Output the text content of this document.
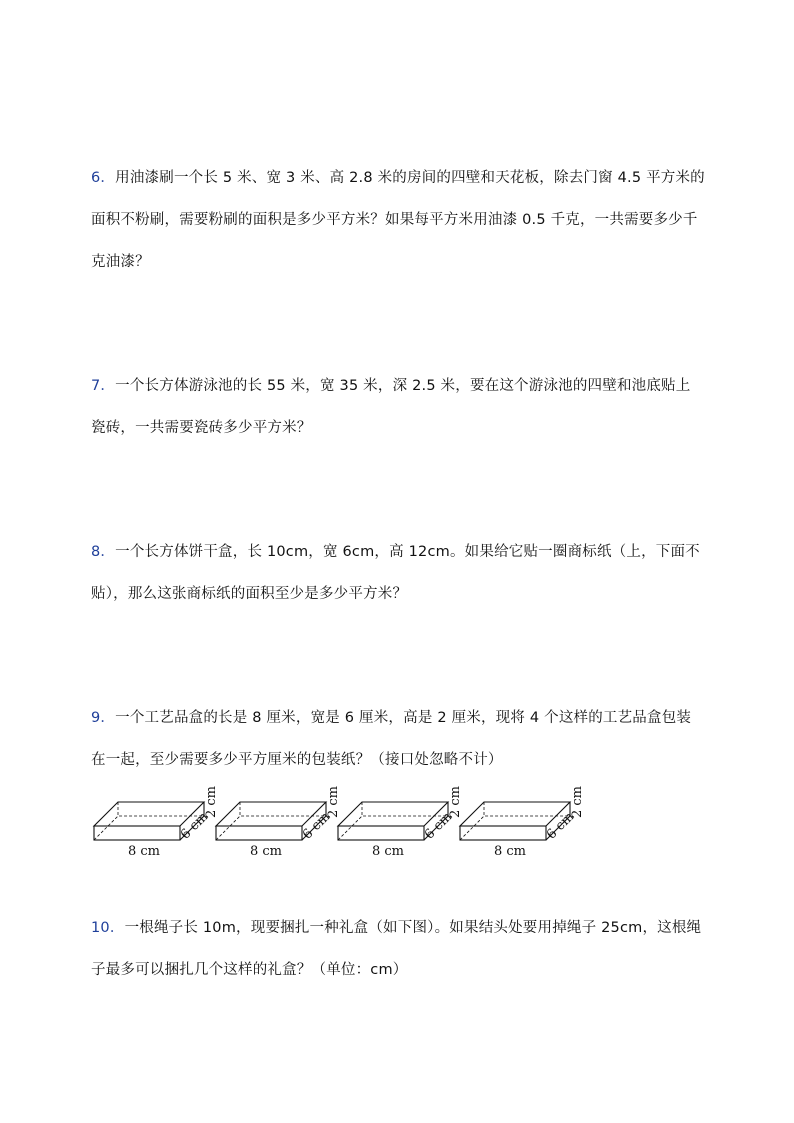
6．用油漆刷一个长 5 米、宽 3 米、高 2.8 米的房间的四壁和天花板，除去门窗 4.5 平方米的面积不粉刷，需要粉刷的面积是多少平方米？如果每平方米用油漆 0.5 千克，一共需要多少千克油漆？

7．一个长方体游泳池的长 55 米，宽 35 米，深 2.5 米，要在这个游泳池的四壁和池底贴上瓷砖，一共需要瓷砖多少平方米？

8．一个长方体饼干盒，长 10cm，宽 6cm，高 12cm。如果给它贴一圈商标纸（上，下面不贴），那么这张商标纸的面积至少是多少平方米？

9．一个工艺品盒的长是 8 厘米，宽是 6 厘米，高是 2 厘米，现将 4 个这样的工艺品盒包装在一起，至少需要多少平方厘米的包装纸？（接口处忽略不计）

8 cm
6 cm
2 cm
8 cm
6 cm
2 cm
8 cm
6 cm
2 cm
8 cm
6 cm
2 cm

10．一根绳子长 10m，现要捆扎一种礼盒（如下图）。如果结头处要用掉绳子 25cm，这根绳子最多可以捆扎几个这样的礼盒？（单位：cm）
